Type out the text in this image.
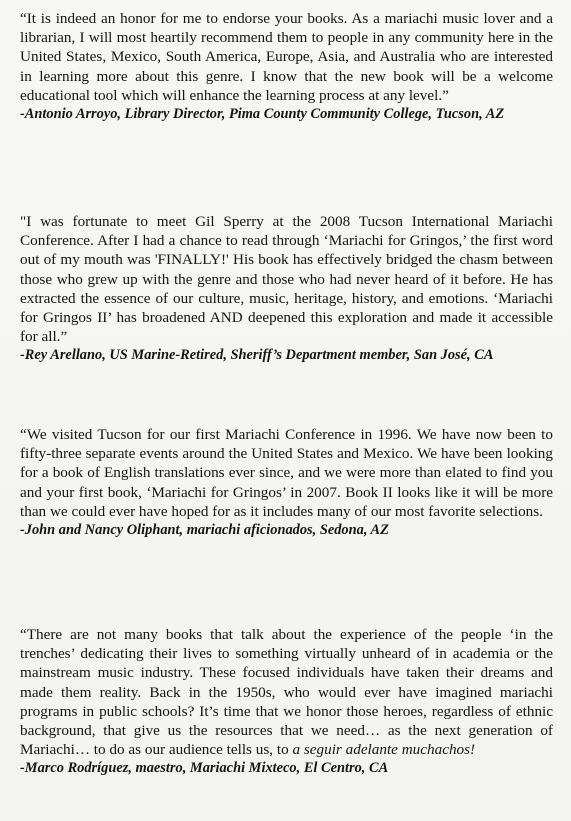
“It is indeed an honor for me to endorse your books. As a mariachi music lover and a librarian, I will most heartily recommend them to people in any community here in the United States, Mexico, South America, Europe, Asia, and Australia who are interested in learning more about this genre. I know that the new book will be a welcome educational tool which will enhance the learning process at any level.”

-Antonio Arroyo, Library Director, Pima County Community College, Tucson, AZ

"I was fortunate to meet Gil Sperry at the 2008 Tucson International Mariachi Conference. After I had a chance to read through ‘Mariachi for Gringos,’ the first word out of my mouth was 'FINALLY!' His book has effectively bridged the chasm between those who grew up with the genre and those who had never heard of it before. He has extracted the essence of our culture, music, heritage, history, and emotions. ‘Mariachi for Gringos II’ has broadened AND deepened this exploration and made it accessible for all.”

-Rey Arellano, US Marine-Retired, Sheriff’s Department member, San José, CA

“We visited Tucson for our first Mariachi Conference in 1996. We have now been to fifty-three separate events around the United States and Mexico. We have been looking for a book of English translations ever since, and we were more than elated to find you and your first book, ‘Mariachi for Gringos’ in 2007. Book II looks like it will be more than we could ever have hoped for as it includes many of our most favorite selections.

-John and Nancy Oliphant, mariachi aficionados, Sedona, AZ

“There are not many books that talk about the experience of the people ‘in the trenches’ dedicating their lives to something virtually unheard of in academia or the mainstream music industry. These focused individuals have taken their dreams and made them reality. Back in the 1950s, who would ever have imagined mariachi programs in public schools? It’s time that we honor those heroes, regardless of ethnic background, that give us the resources that we need… as the next generation of Mariachi… to do as our audience tells us, to a seguir adelante muchachos!

-Marco Rodríguez, maestro, Mariachi Mixteco, El Centro, CA
